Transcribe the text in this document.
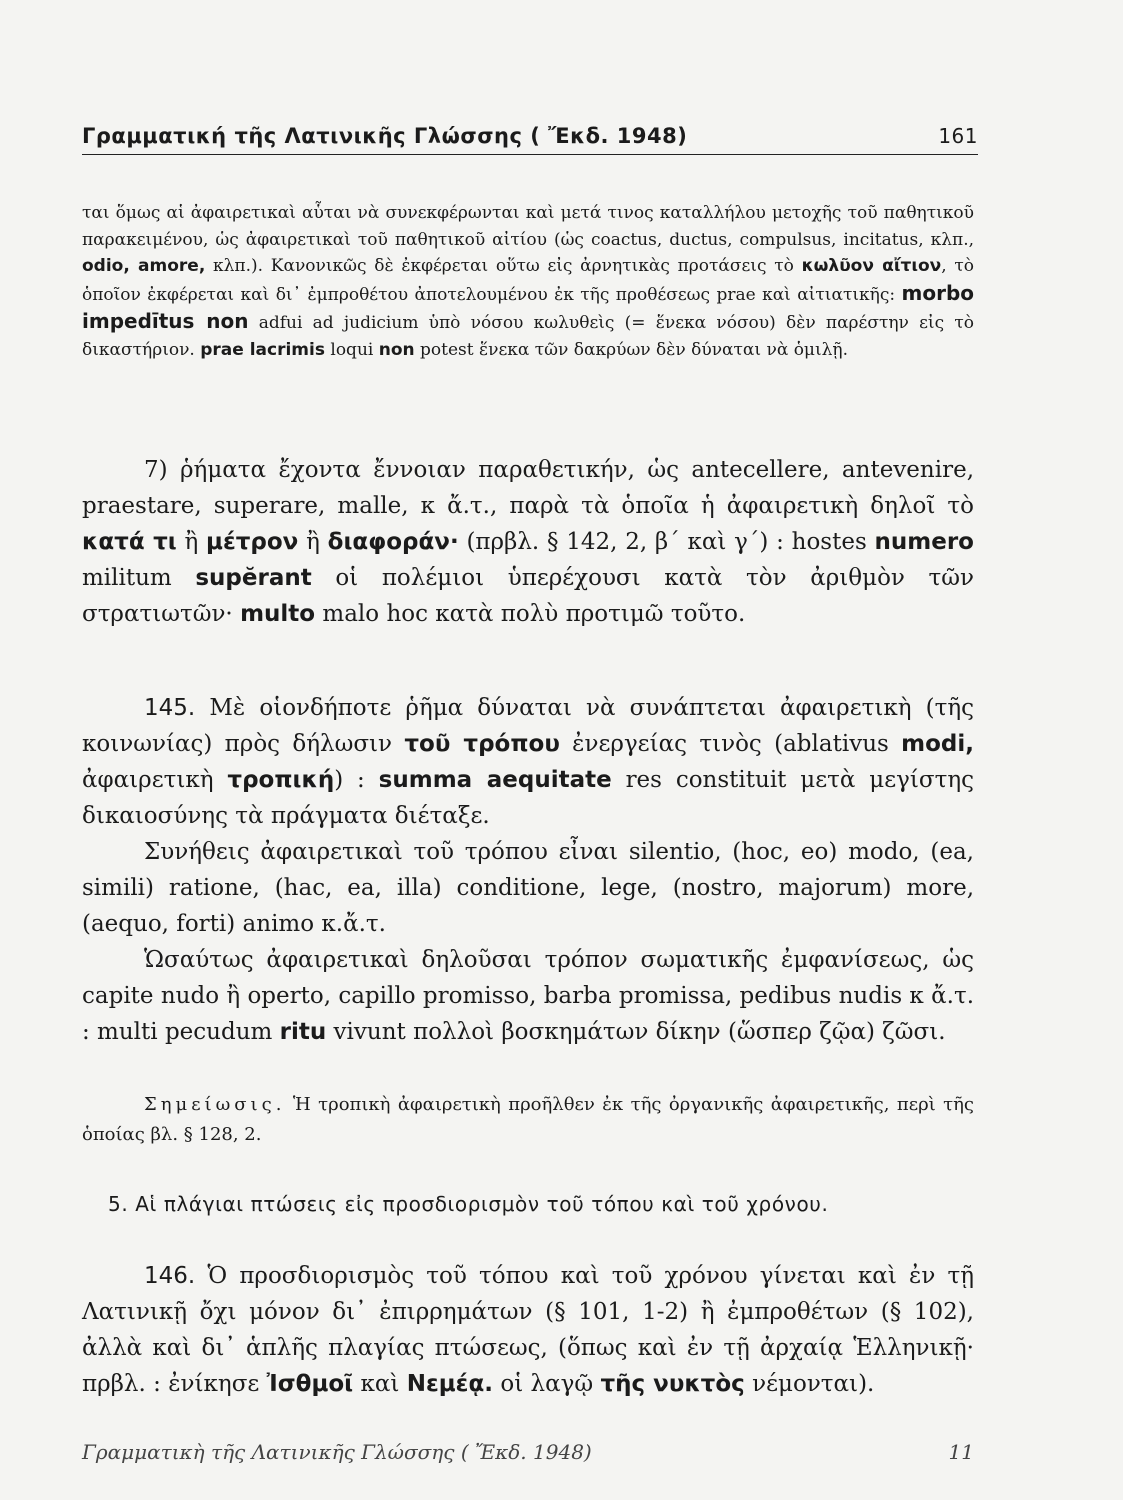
Γραμματική τῆς Λατινικῆς Γλώσσης ( Ἔκδ. 1948)	161

ται ὅμως αἱ ἀφαιρετικαὶ αὗται νὰ συνεκφέρωνται καὶ μετά τινος καταλλήλου μετοχῆς τοῦ παθητικοῦ παρακειμένου, ὡς ἀφαιρετικαὶ τοῦ παθητικοῦ αἰτίου (ὡς coactus, ductus, compulsus, incitatus, κλπ., odio, amore, κλπ.). Κανονικῶς δὲ ἐκφέρεται οὕτω εἰς ἀρνητικὰς προτάσεις τὸ κωλῦον αἴτιον, τὸ ὁποῖον ἐκφέρεται καὶ δι᾽ ἐμπροθέτου ἀποτελουμένου ἐκ τῆς προθέσεως prae καὶ αἰτιατικῆς: morbo impedītus non adfui ad judicium ὑπὸ νόσου κωλυθεὶς (= ἕνεκα νόσου) δὲν παρέστην εἰς τὸ δικαστήριον. prae lacrimis loqui non potest ἕνεκα τῶν δακρύων δὲν δύναται νὰ ὁμιλῇ.

7) ῥήματα ἔχοντα ἔννοιαν παραθετικήν, ὡς antecellere, antevenire, praestare, superare, malle, κ ἄ.τ., παρὰ τὰ ὁποῖα ἡ ἀφαιρετικὴ δηλοῖ τὸ κατά τι ἢ μέτρον ἢ διαφοράν· (πρβλ. § 142, 2, β´ καὶ γ´) : hostes numero militum supĕrant οἱ πολέμιοι ὑπερέχουσι κατὰ τὸν ἀριθμὸν τῶν στρατιωτῶν· multo malo hoc κατὰ πολὺ προτιμῶ τοῦτο.

145. Μὲ οἱονδήποτε ῥῆμα δύναται νὰ συνάπτεται ἀφαιρετικὴ (τῆς κοινωνίας) πρὸς δήλωσιν τοῦ τρόπου ἐνεργείας τινὸς (ablativus modi, ἀφαιρετικὴ τροπική) : summa aequitate res constituit μετὰ μεγίστης δικαιοσύνης τὰ πράγματα διέταξε.

Συνήθεις ἀφαιρετικαὶ τοῦ τρόπου εἶναι silentio, (hoc, eo) modo, (ea, simili) ratione, (hac, ea, illa) conditione, lege, (nostro, majorum) more, (aequo, forti) animo κ.ἄ.τ.

Ὡσαύτως ἀφαιρετικαὶ δηλοῦσαι τρόπον σωματικῆς ἐμφανίσεως, ὡς capite nudo ἢ operto, capillo promisso, barba promissa, pedibus nudis κ ἄ.τ. : multi pecudum ritu vivunt πολλοὶ βοσκημάτων δίκην (ὥσπερ ζῷα) ζῶσι.

Σημείωσις. Ἡ τροπικὴ ἀφαιρετικὴ προῆλθεν ἐκ τῆς ὀργανικῆς ἀφαιρετικῆς, περὶ τῆς ὁποίας βλ. § 128, 2.

5. Αἱ πλάγιαι πτώσεις εἰς προσδιορισμὸν τοῦ τόπου καὶ τοῦ χρόνου.

146. Ὁ προσδιορισμὸς τοῦ τόπου καὶ τοῦ χρόνου γίνεται καὶ ἐν τῇ Λατινικῇ ὄχι μόνον δι᾽ ἐπιρρημάτων (§ 101, 1-2) ἢ ἐμπροθέτων (§ 102), ἀλλὰ καὶ δι᾽ ἁπλῆς πλαγίας πτώσεως, (ὅπως καὶ ἐν τῇ ἀρχαίᾳ Ἑλληνικῇ· πρβλ. : ἐνίκησε Ἰσθμοῖ καὶ Νεμέᾳ. οἱ λαγῷ τῆς νυκτὸς νέμονται).

Γραμματικὴ τῆς Λατινικῆς Γλώσσης ( Ἔκδ. 1948)	11
